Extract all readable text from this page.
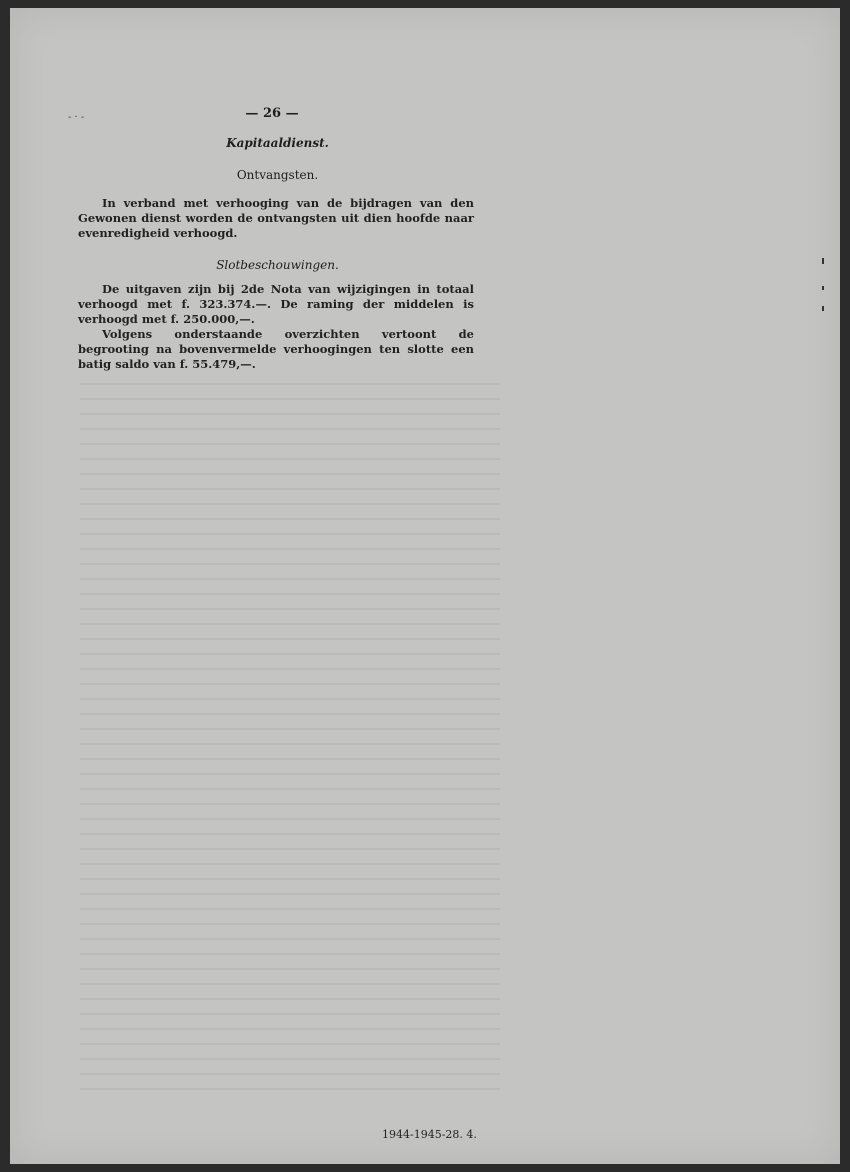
- · -	— 26 —
Kapitaaldienst.
Ontvangsten.

In verband met verhooging van de bijdragen van den Gewonen dienst worden de ontvangsten uit dien hoofde naar evenredigheid verhoogd.

Slotbeschouwingen.

De uitgaven zijn bij 2de Nota van wijzigingen in totaal verhoogd met f. 323.374.—. De raming der middelen is verhoogd met f. 250.000,—.

Volgens onderstaande overzichten vertoont de begrooting na bovenvermelde verhoogingen ten slotte een batig saldo van f. 55.479,—.

1944-1945-28. 4.
